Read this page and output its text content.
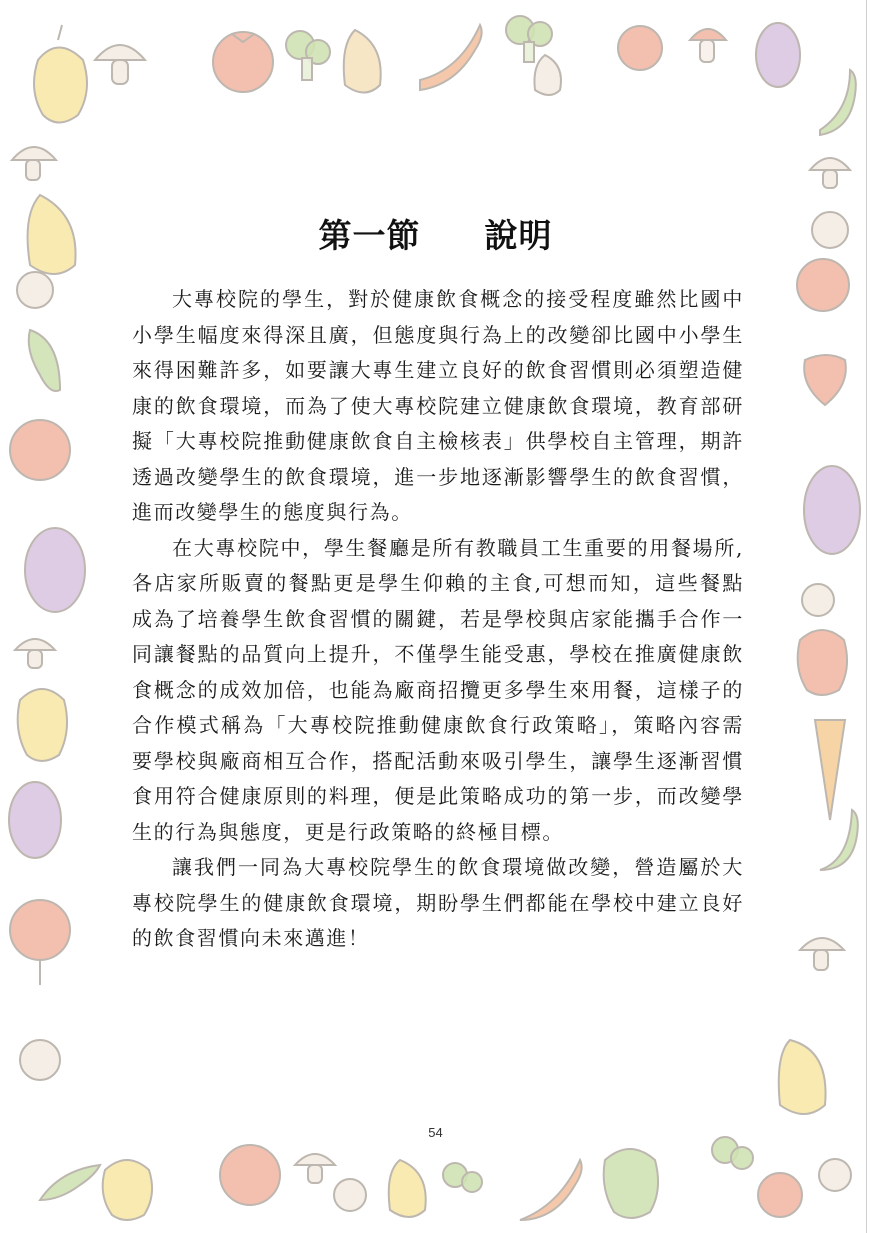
第一節 說明

大專校院的學生，對於健康飲食概念的接受程度雖然比國中小學生幅度來得深且廣，但態度與行為上的改變卻比國中小學生來得困難許多，如要讓大專生建立良好的飲食習慣則必須塑造健康的飲食環境，而為了使大專校院建立健康飲食環境，教育部研擬「大專校院推動健康飲食自主檢核表」供學校自主管理，期許透過改變學生的飲食環境，進一步地逐漸影響學生的飲食習慣，進而改變學生的態度與行為。

在大專校院中，學生餐廳是所有教職員工生重要的用餐場所,各店家所販賣的餐點更是學生仰賴的主食,可想而知，這些餐點成為了培養學生飲食習慣的關鍵，若是學校與店家能攜手合作一同讓餐點的品質向上提升，不僅學生能受惠，學校在推廣健康飲食概念的成效加倍，也能為廠商招攬更多學生來用餐，這樣子的合作模式稱為「大專校院推動健康飲食行政策略」，策略內容需要學校與廠商相互合作，搭配活動來吸引學生，讓學生逐漸習慣食用符合健康原則的料理，便是此策略成功的第一步，而改變學生的行為與態度，更是行政策略的終極目標。

讓我們一同為大專校院學生的飲食環境做改變，營造屬於大專校院學生的健康飲食環境，期盼學生們都能在學校中建立良好的飲食習慣向未來邁進！

54
